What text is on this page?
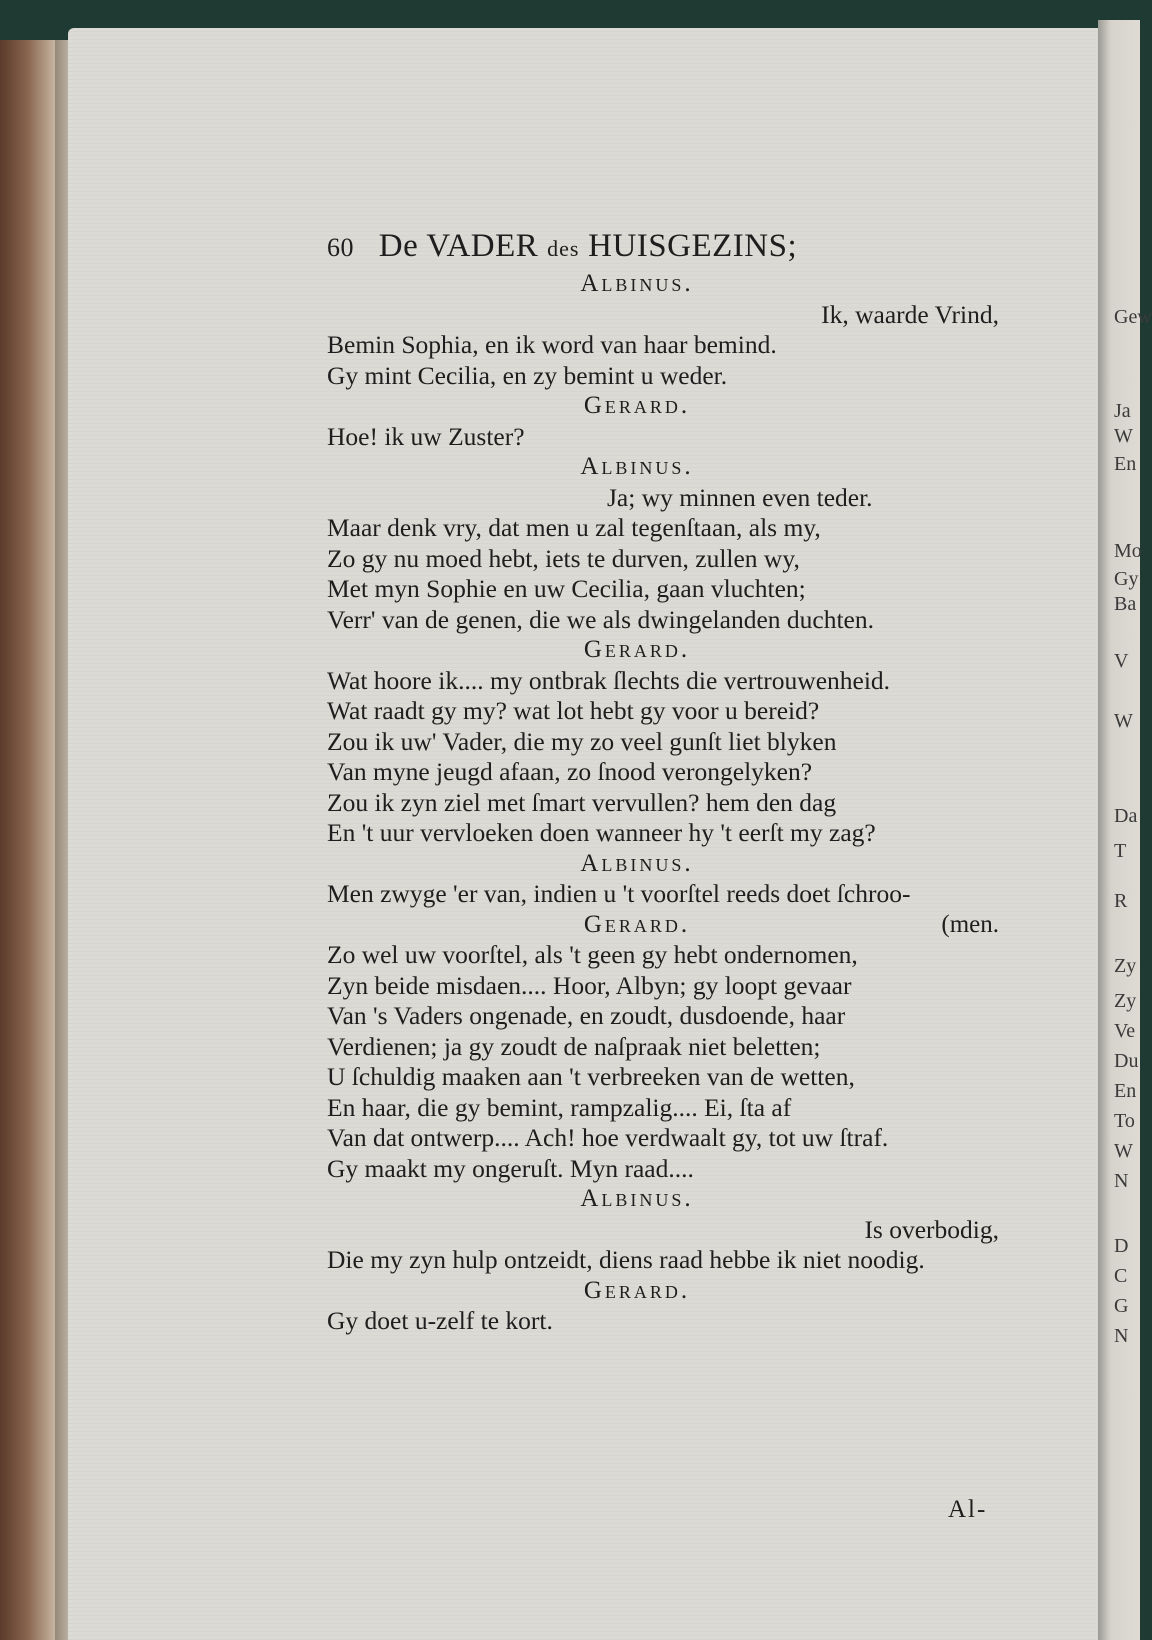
Gew
Ja
W
En
Mo
Gy
Ba
V
W
Da
T
R
Zy
Zy
Ve
Du
En
To
W
N
D
C
G
N
60 De VADER des HUISGEZINS;
Albinus.
Ik, waarde Vrind,
Bemin Sophia, en ik word van haar bemind.
Gy mint Cecilia, en zy bemint u weder.
Gerard.
Hoe! ik uw Zuster?
Albinus.
Ja; wy minnen even teder.
Maar denk vry, dat men u zal tegenſtaan, als my,
Zo gy nu moed hebt, iets te durven, zullen wy,
Met myn Sophie en uw Cecilia, gaan vluchten;
Verr' van de genen, die we als dwingelanden duchten.
Gerard.
Wat hoore ik.... my ontbrak ſlechts die vertrouwenheid.
Wat raadt gy my? wat lot hebt gy voor u bereid?
Zou ik uw' Vader, die my zo veel gunſt liet blyken
Van myne jeugd afaan, zo ſnood verongelyken?
Zou ik zyn ziel met ſmart vervullen? hem den dag
En 't uur vervloeken doen wanneer hy 't eerſt my zag?
Albinus.
Men zwyge 'er van, indien u 't voorſtel reeds doet ſchroo-
Gerard.	(men.
Zo wel uw voorſtel, als 't geen gy hebt ondernomen,
Zyn beide misdaen.... Hoor, Albyn; gy loopt gevaar
Van 's Vaders ongenade, en zoudt, dusdoende, haar
Verdienen; ja gy zoudt de naſpraak niet beletten;
U ſchuldig maaken aan 't verbreeken van de wetten,
En haar, die gy bemint, rampzalig.... Ei, ſta af
Van dat ontwerp.... Ach! hoe verdwaalt gy, tot uw ſtraf.
Gy maakt my ongeruſt. Myn raad....
Albinus.
Is overbodig,
Die my zyn hulp ontzeidt, diens raad hebbe ik niet noodig.
Gerard.
Gy doet u-zelf te kort.
Al-
